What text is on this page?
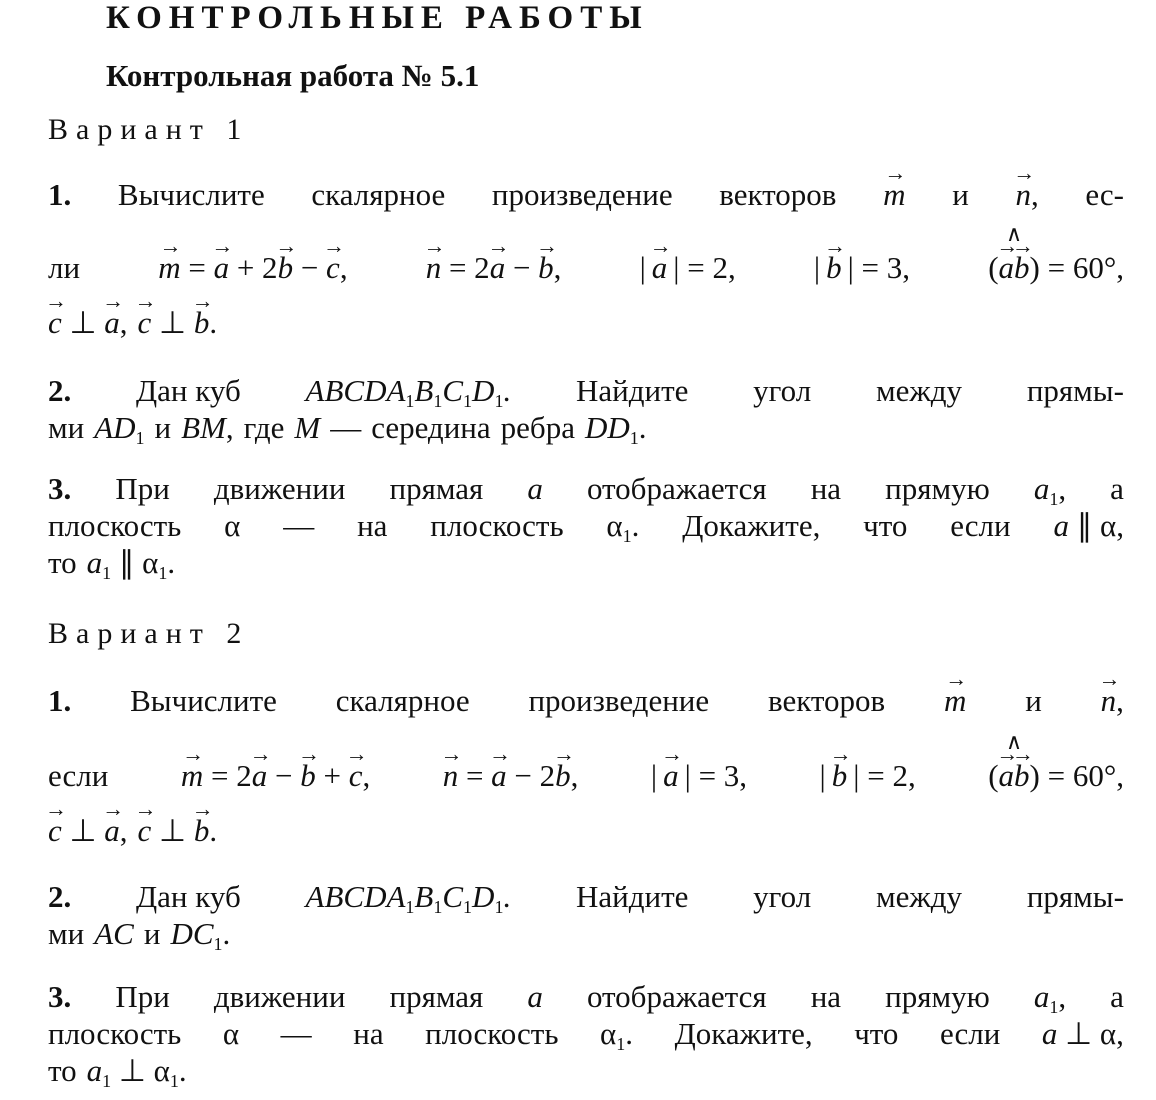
КОНТРОЛЬНЫЕ РАБОТЫ
Контрольная работа № 5.1
Вариант 1
1. Вычислите скалярное произведение векторов → m и → n, ес-
ли	→ m = → a + 2→ b − → c,	→ n = 2→ a − → b,	| → a | = 2,	| → b | = 3,	(→ a→ b ∧) = 60°,
→ c ⊥ → a, → c ⊥ → b.
2. Дан куб $ABCDA_1B_1C_1D_1$. Найдите угол между прямы-
ми $AD_1$ и BM, где M — середина ребра $DD_1$.
3. При движении прямая a отображается на прямую $a_1$, а
плоскость α — на плоскость $\alpha_1$. Докажите, что если a ∥ α,
то $a_1$ ∥ $\alpha_1$.
Вариант 2
1. Вычислите скалярное произведение векторов → m и → n,
если → m = 2→ a − → b + → c, → n = → a − 2→ b, | → a | = 3, | → b | = 2, (→ a→ b ∧) = 60°,
→ c ⊥ → a, → c ⊥ → b.
2. Дан куб $ABCDA_1B_1C_1D_1$. Найдите угол между прямы-
ми AC и $DC_1$.
3. При движении прямая a отображается на прямую $a_1$, а
плоскость α — на плоскость $\alpha_1$. Докажите, что если a ⊥ α,
то $a_1$ ⊥ $\alpha_1$.
